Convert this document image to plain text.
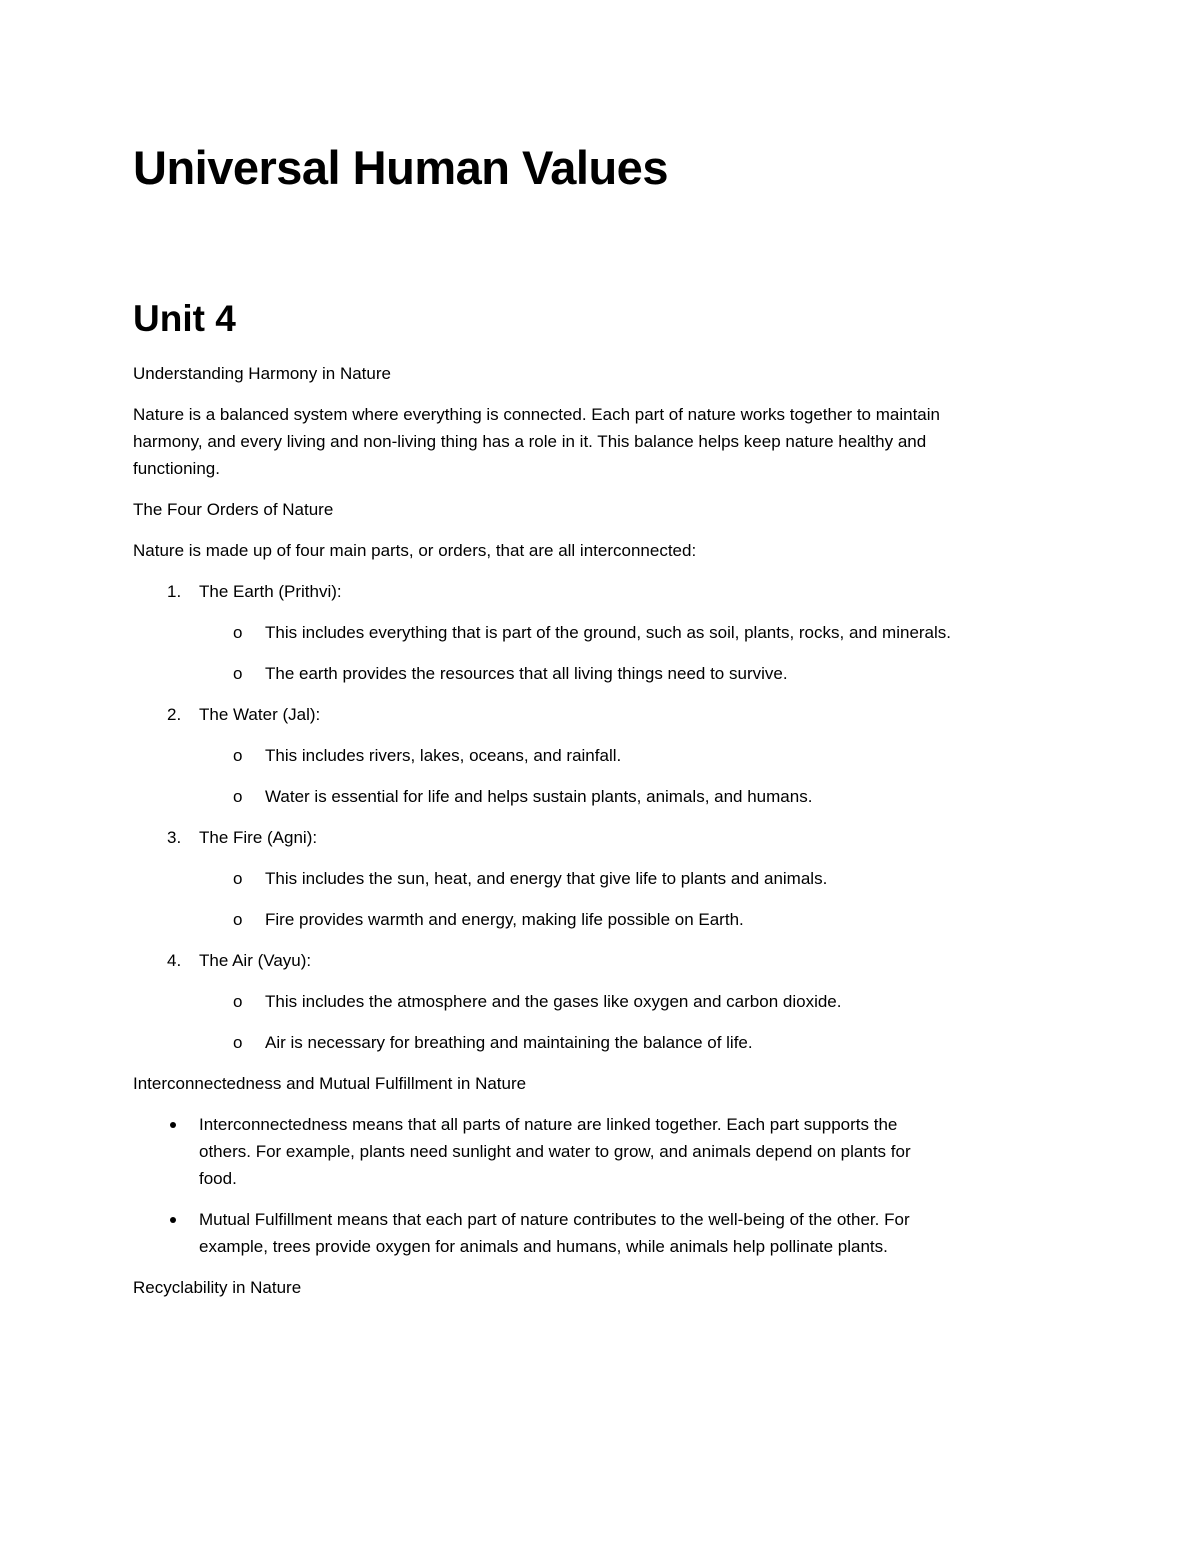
Universal Human Values
Unit 4

Understanding Harmony in Nature

Nature is a balanced system where everything is connected. Each part of nature works together to maintain harmony, and every living and non-living thing has a role in it. This balance helps keep nature healthy and functioning.

The Four Orders of Nature

Nature is made up of four main parts, or orders, that are all interconnected:

1.	The Earth (Prithvi):
o	This includes everything that is part of the ground, such as soil, plants, rocks, and minerals.
o	The earth provides the resources that all living things need to survive.
2.	The Water (Jal):
o	This includes rivers, lakes, oceans, and rainfall.
o	Water is essential for life and helps sustain plants, animals, and humans.
3.	The Fire (Agni):
o	This includes the sun, heat, and energy that give life to plants and animals.
o	Fire provides warmth and energy, making life possible on Earth.
4.	The Air (Vayu):
o	This includes the atmosphere and the gases like oxygen and carbon dioxide.
o	Air is necessary for breathing and maintaining the balance of life.

Interconnectedness and Mutual Fulfillment in Nature

Interconnectedness means that all parts of nature are linked together. Each part supports the others. For example, plants need sunlight and water to grow, and animals depend on plants for food.
Mutual Fulfillment means that each part of nature contributes to the well-being of the other. For example, trees provide oxygen for animals and humans, while animals help pollinate plants.

Recyclability in Nature
